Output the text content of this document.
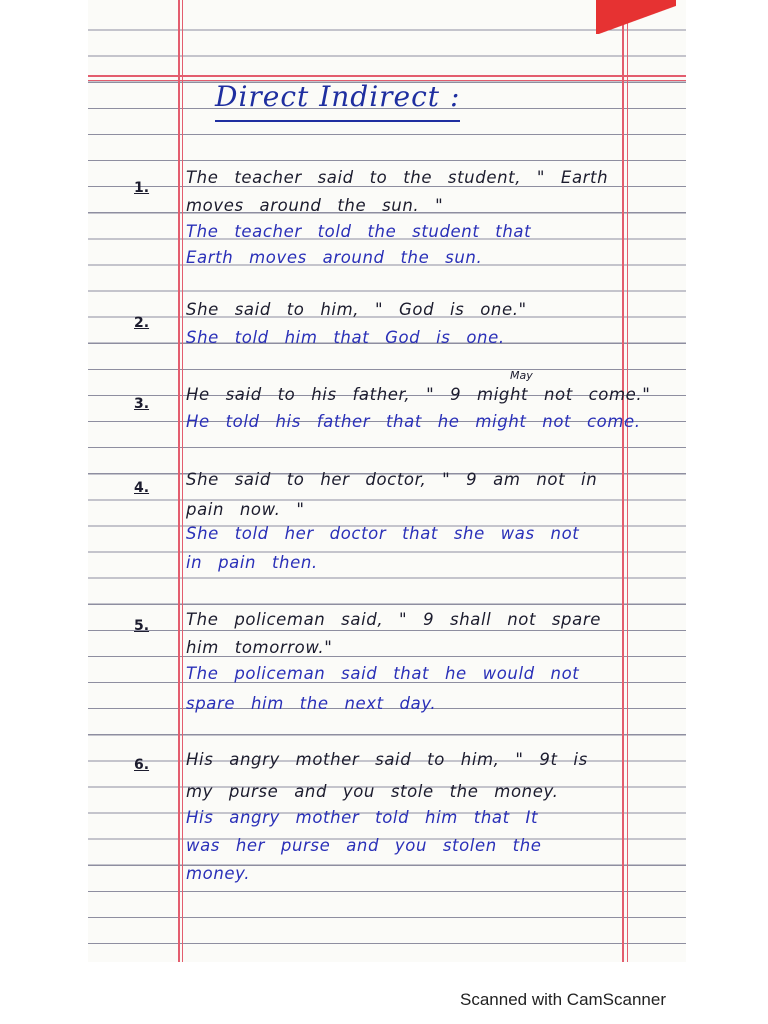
Direct Indirect :
1.
The teacher said to the student, " Earth
moves around the sun. "
The teacher told the student that
Earth moves around the sun.
2.
She said to him, " God is one."
She told him that God is one.
May
3. He said to his father, " 9 might not come."
He told his father that he might not come.
4. She said to her doctor, " 9 am not in
pain now. "
She told her doctor that she was not
in pain then.
5. The policeman said, " 9 shall not spare
him tomorrow."
The policeman said that he would not
spare him the next day.
6. His angry mother said to him, " 9t is
my purse and you stole the money.
His angry mother told him that It
was her purse and you stolen the
money.
Scanned with CamScanner
